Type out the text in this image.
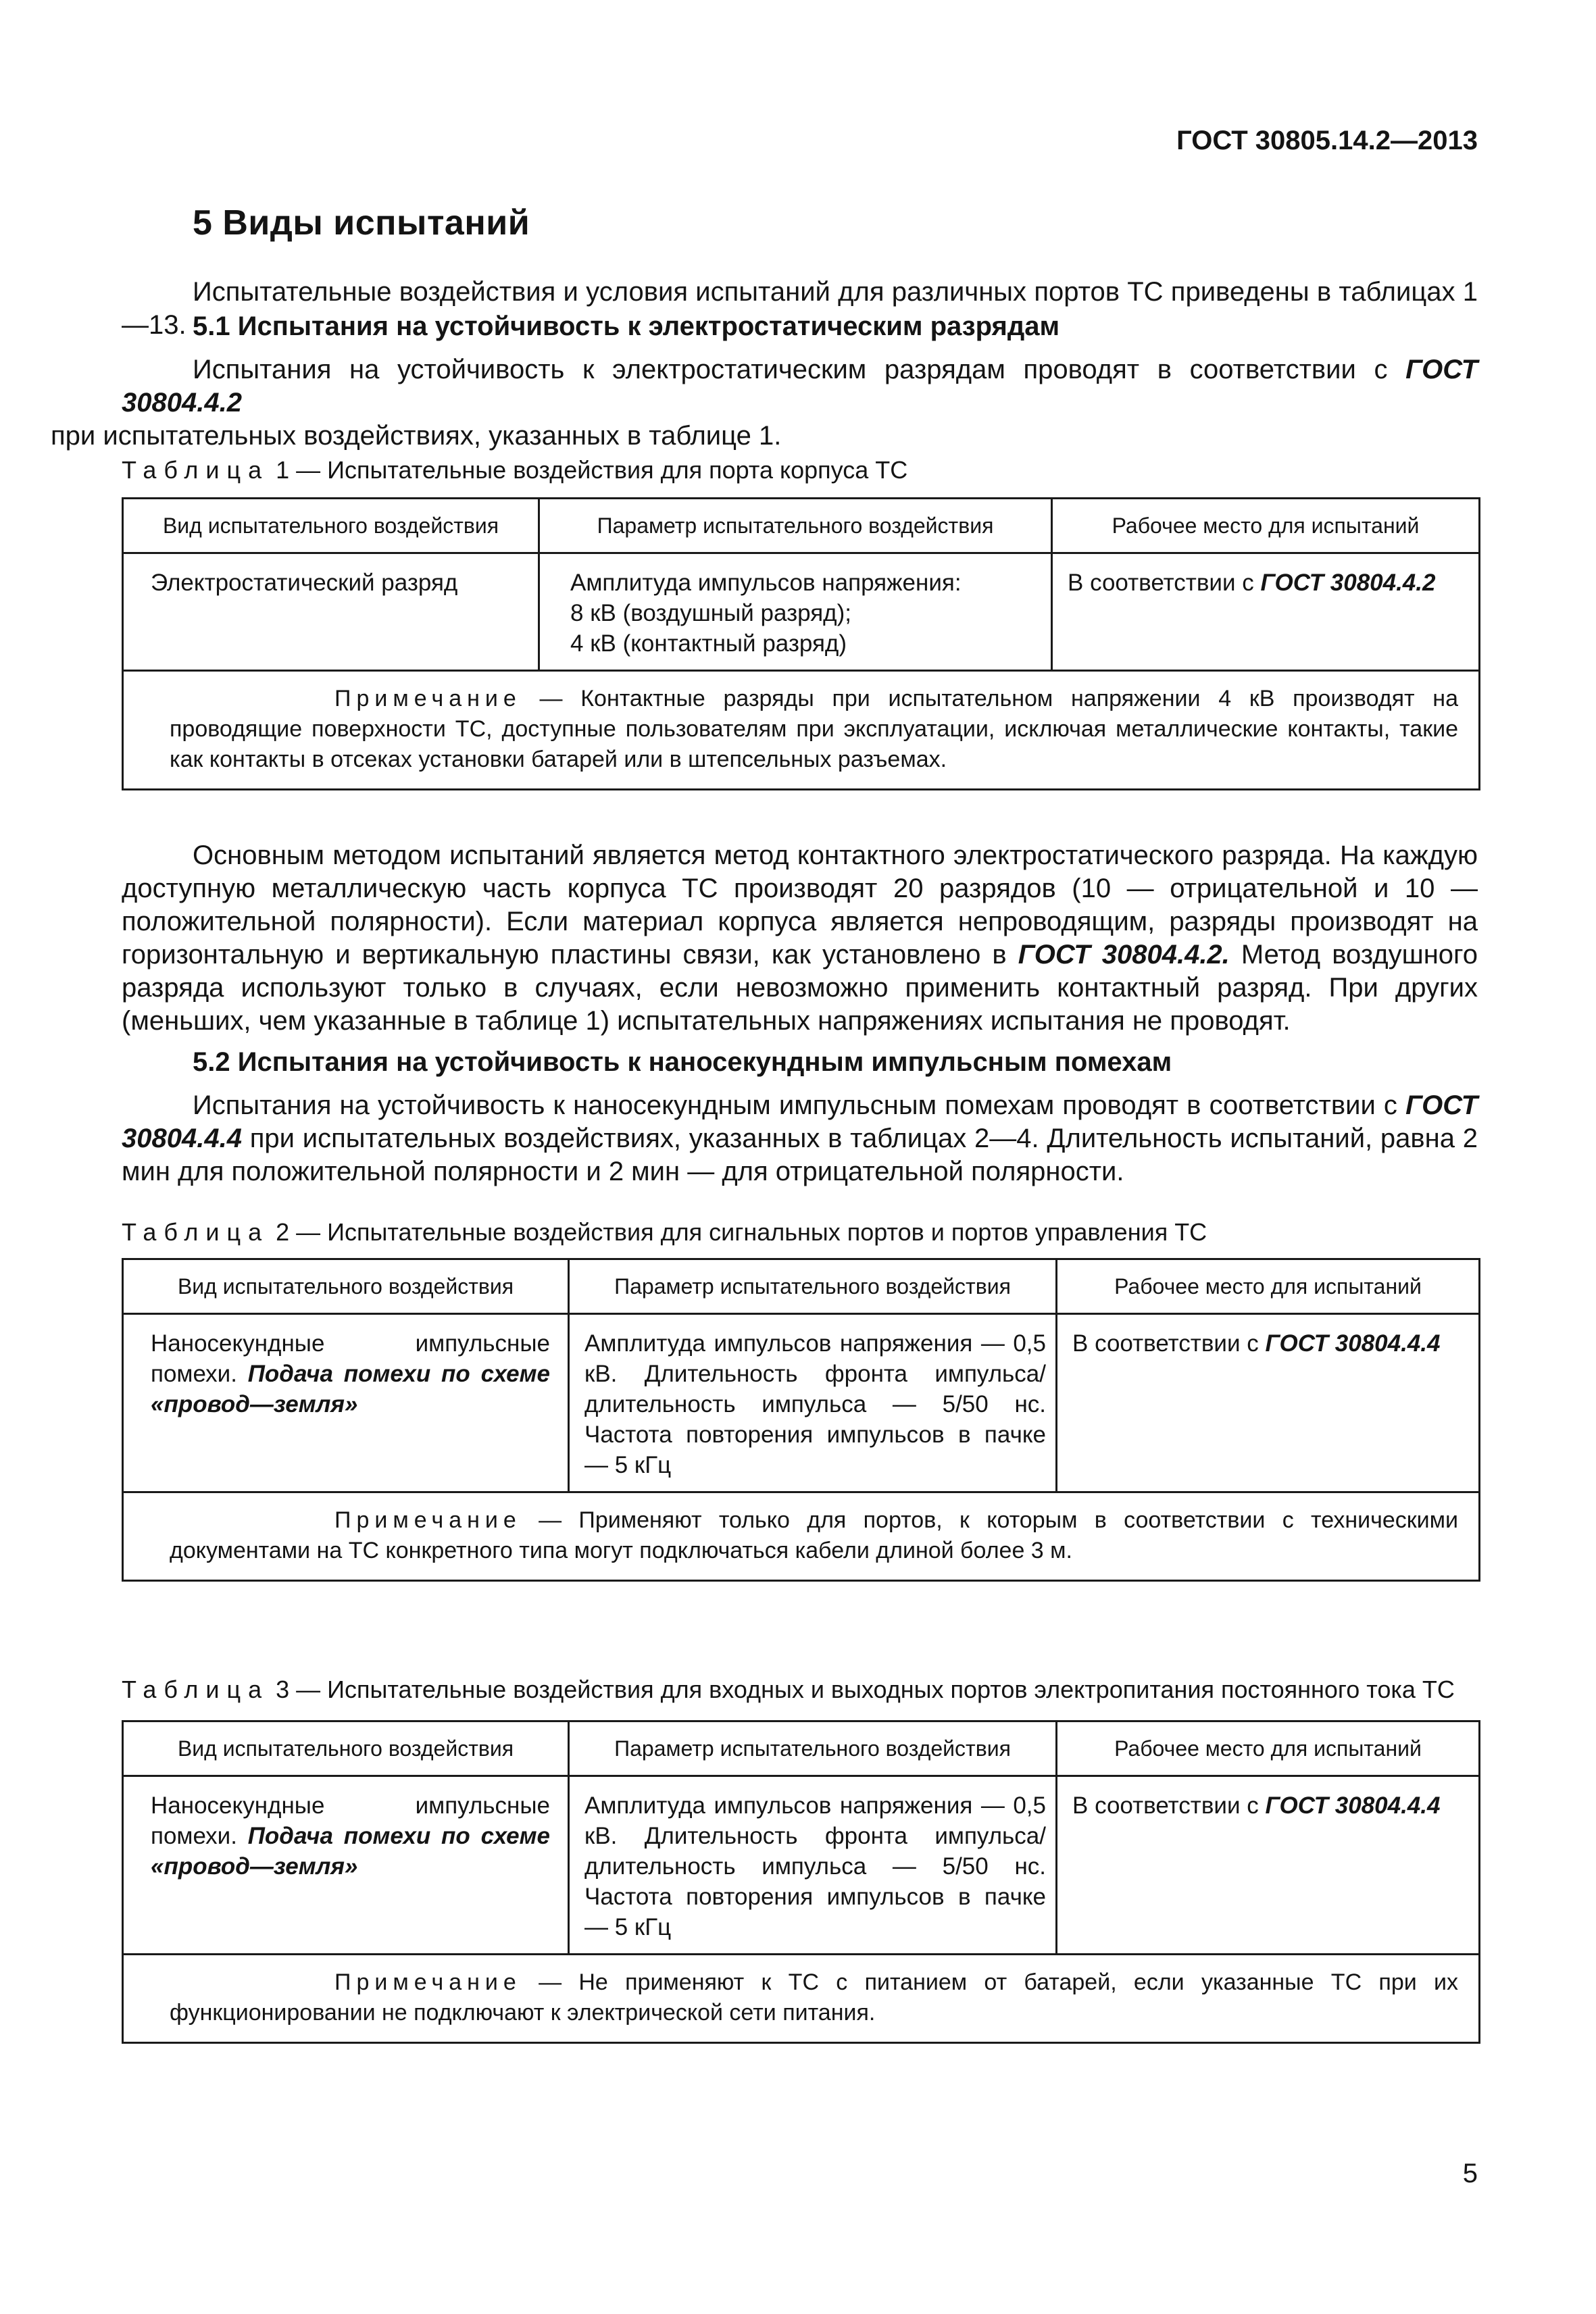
ГОСТ 30805.14.2—2013
5 Виды испытаний
Испытательные воздействия и условия испытаний для различных портов ТС приведены в таблицах 1—13. 5.1 Испытания на устойчивость к электростатическим разрядам
Испытания на устойчивость к электростатическим разрядам проводят в соответствии с ГОСТ 30804.4.2
при испытательных воздействиях, указанных в таблице 1.
Таблица 1 — Испытательные воздействия для порта корпуса ТС
Вид испытательного воздействия	Параметр испытательного воздействия	Рабочее место для испытаний
Электростатический разряд	Амплитуда импульсов напряжения:
8 кВ (воздушный разряд);
4 кВ (контактный разряд)	В соответствии с ГОСТ 30804.4.2

Примечание — Контактные разряды при испытательном напряжении 4 кВ производят на проводящие поверхности ТС, доступные пользователям при эксплуатации, исключая металлические контакты, такие как контакты в отсеках установки батарей или в штепсельных разъемах.		
Основным методом испытаний является метод контактного электростатического разряда. На каждую доступную металлическую часть корпуса ТС производят 20 разрядов (10 — отрицательной и 10 — положительной полярности). Если материал корпуса является непроводящим, разряды производят на горизонтальную и вертикальную пластины связи, как установлено в ГОСТ 30804.4.2. Метод воздушного разряда используют только в случаях, если невозможно применить контактный разряд. При других (меньших, чем указанные в таблице 1) испытательных напряжениях испытания не проводят.
5.2 Испытания на устойчивость к наносекундным импульсным помехам
Испытания на устойчивость к наносекундным импульсным помехам проводят в соответствии с ГОСТ 30804.4.4 при испытательных воздействиях, указанных в таблицах 2—4. Длительность испытаний, равна 2 мин для положительной полярности и 2 мин — для отрицательной полярности.
Таблица 2 — Испытательные воздействия для сигнальных портов и портов управления ТС
Вид испытательного воздействия	Параметр испытательного воздействия	Рабочее место для испытаний
Наносекундные импульсные помехи. Подача помехи по схеме «провод—земля»	Амплитуда импульсов напряжения — 0,5 кВ. Длительность фронта импульса/длительность импульса — 5/50 нс. Частота повторения импульсов в пачке — 5 кГц	В соответствии с ГОСТ 30804.4.4

Примечание — Применяют только для портов, к которым в соответствии с техническими документами на ТС конкретного типа могут подключаться кабели длиной более 3 м.		
Таблица 3 — Испытательные воздействия для входных и выходных портов электропитания постоянного тока ТС
Вид испытательного воздействия	Параметр испытательного воздействия	Рабочее место для испытаний
Наносекундные импульсные помехи. Подача помехи по схеме «провод—земля»	Амплитуда импульсов напряжения — 0,5 кВ. Длительность фронта импульса/длительность импульса — 5/50 нс. Частота повторения импульсов в пачке — 5 кГц	В соответствии с ГОСТ 30804.4.4

Примечание — Не применяют к ТС с питанием от батарей, если указанные ТС при их функционировании не подключают к электрической сети питания.		
5
